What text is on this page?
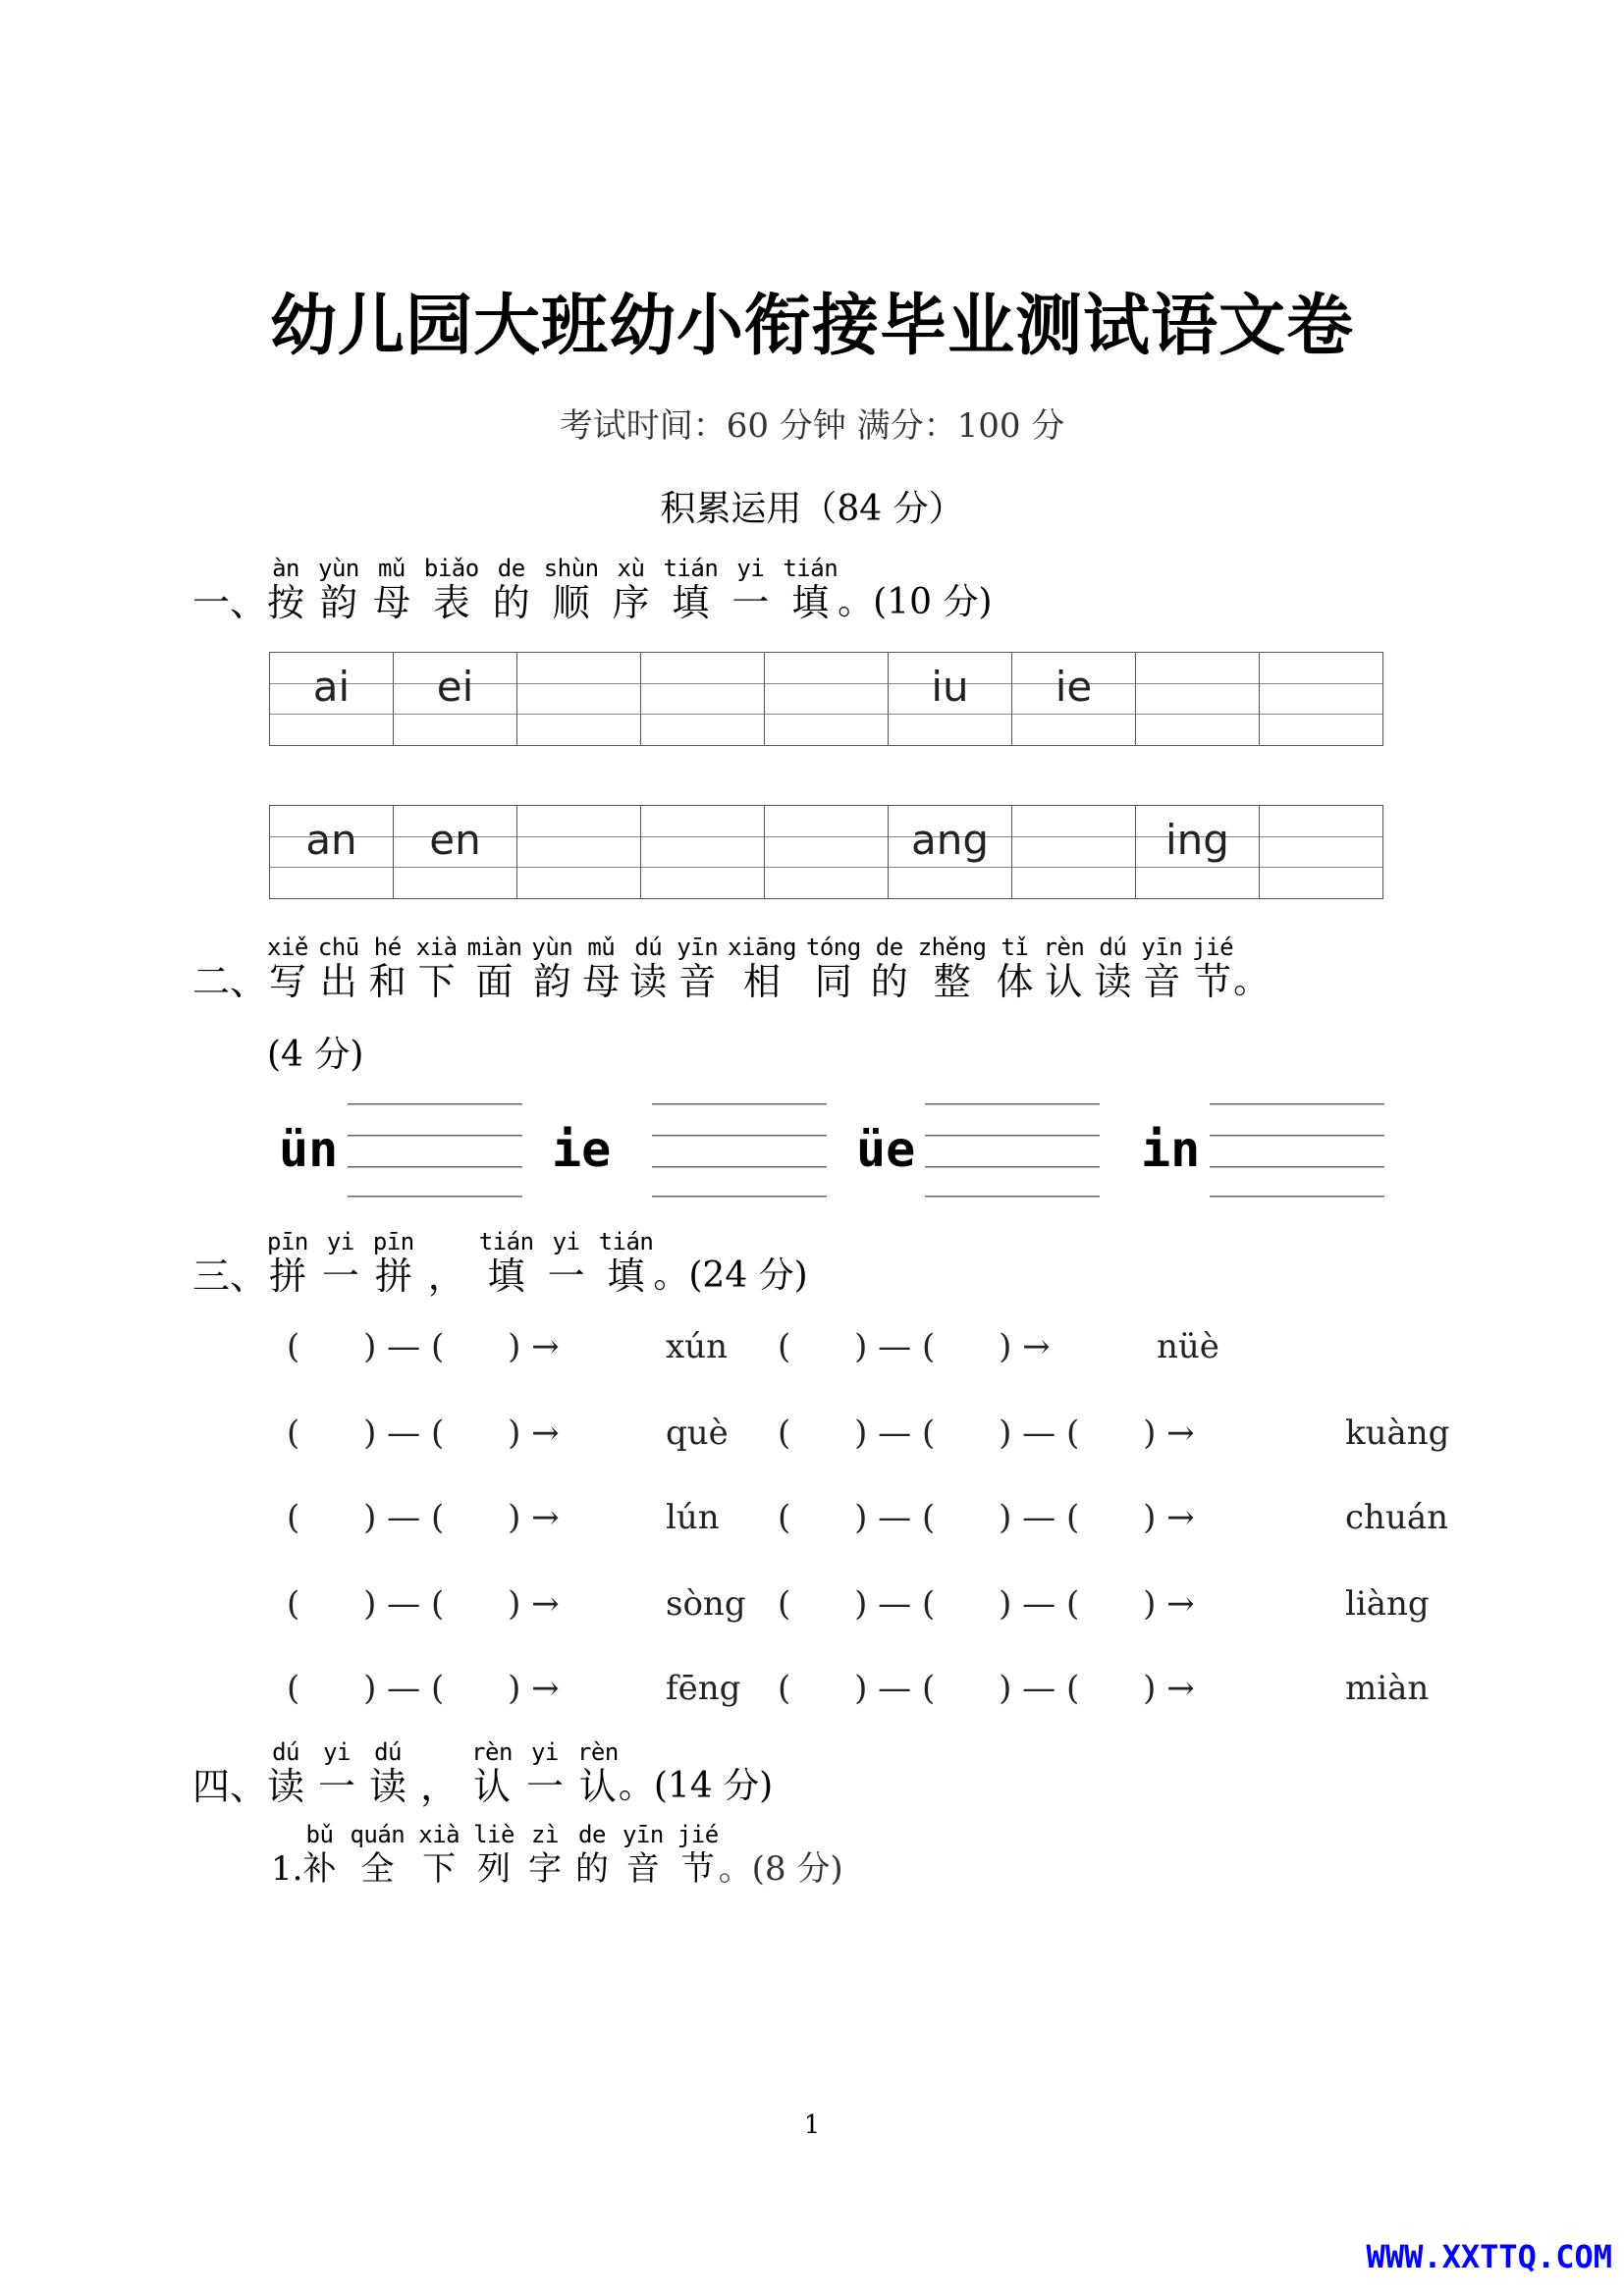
幼儿园大班幼小衔接毕业测试语文卷
考试时间：60 分钟 满分：100 分
积累运用（84 分）
一、
àn
按
yùn
韵
mǔ
母
biǎo
表
de
的
shùn
顺
xù
序
tián
填
yi
一
tián
填 。(10 分)
ai	ei				iu	ie

an	en				ang		ing

二、
xiě
写
chū
出
hé
和
xià
下
miàn
面
yùn
韵
mǔ
母
dú
读
yīn
音
xiāng
相
tóng
同
de
的
zhěng
整
tǐ
体
rèn
认
dú
读
yīn
音
jié
节 。
(4 分)
ün	ie	üe	in
三、
pīn
拼
yi
一
pīn
拼 ，
tián
填
yi
一
tián
填 。(24 分)
(      ) — (      ) →	xún (      ) — (      ) →	nüè
(      ) — (      ) →	què (      ) — (      ) — (      ) →	kuàng
(      ) — (      ) →	lún (      ) — (      ) — (      ) →	chuán
(      ) — (      ) →	sòng (      ) — (      ) — (      ) →	liàng
(      ) — (      ) →	fēng (      ) — (      ) — (      ) →	miàn
四、
dú
读
yi
一
dú
读 ，
rèn
认
yi
一
rèn
认 。(14 分)
1.
bǔ
补
quán
全
xià
下
liè
列
zì
字
de
的
yīn
音
jié
节 。(8 分)
1
WWW.XXTTQ.COM
